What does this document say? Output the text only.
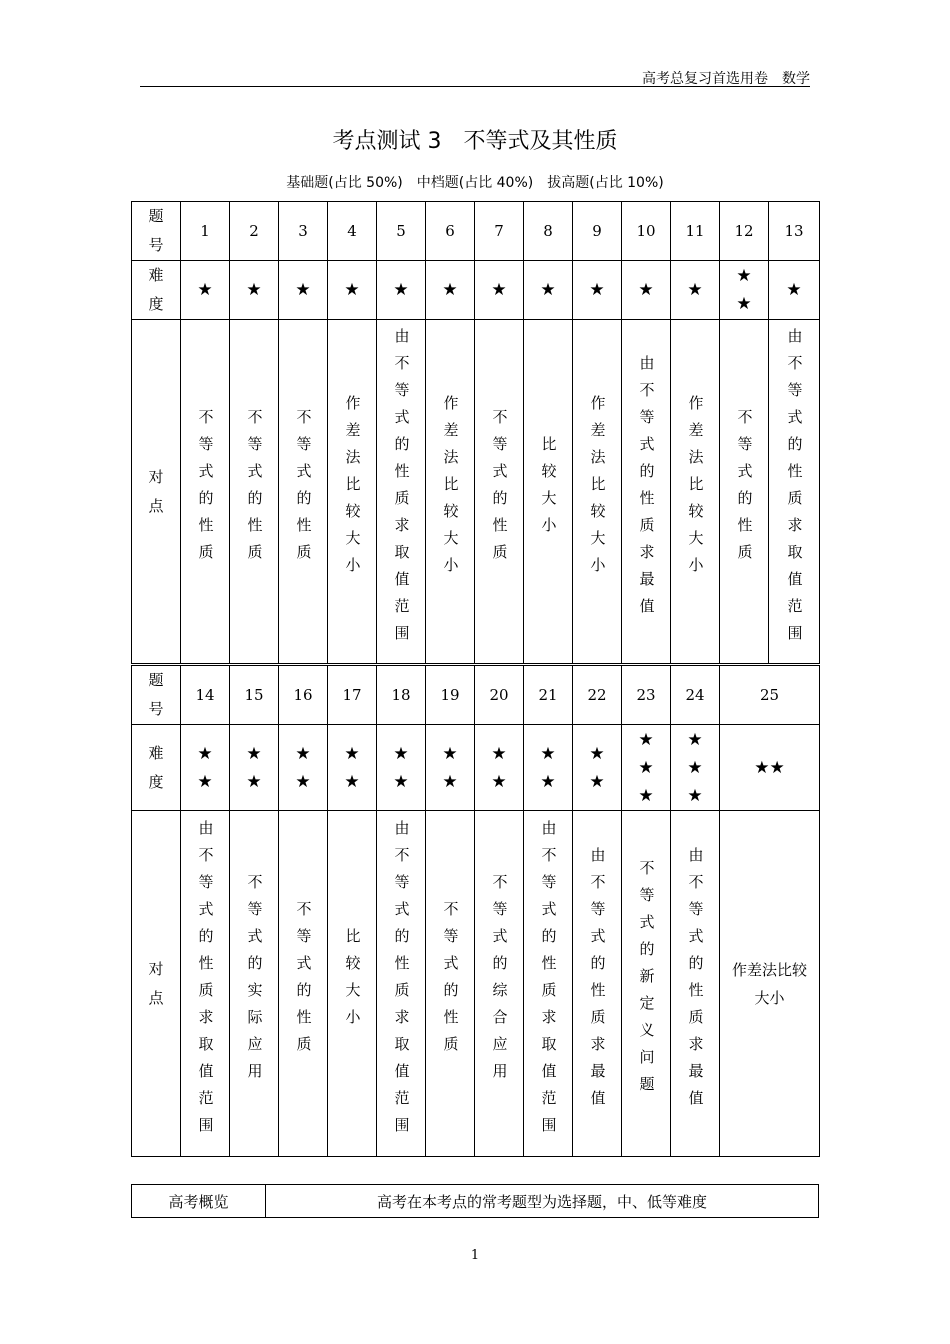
高考总复习首选用卷　数学
考点测试 3　不等式及其性质
基础题(占比 50%)　中档题(占比 40%)　拔高题(占比 10%)
题号	1	2	3	4	5	6	7	8	9	10	11	12	13
难度	★	★	★	★	★	★	★	★	★	★	★	★★	★
对点	不等式的性质	不等式的性质	不等式的性质	作差法比较大小	由不等式的性质求取值范围	作差法比较大小	不等式的性质	比较大小	作差法比较大小	由不等式的性质求最值	作差法比较大小	不等式的性质	由不等式的性质求取值范围
题号	14	15	16	17	18	19	20	21	22	23	24	25	
难度	★★	★★	★★	★★	★★	★★	★★	★★	★★	★★★	★★★	★★	
对点	由不等式的性质求取值范围	不等式的实际应用	不等式的性质	比较大小	由不等式的性质求取值范围	不等式的性质	不等式的综合应用	由不等式的性质求取值范围	由不等式的性质求最值	不等式的新定义问题	由不等式的性质求最值	作差法比较大小	
高考概览	高考在本考点的常考题型为选择题，中、低等难度
1
